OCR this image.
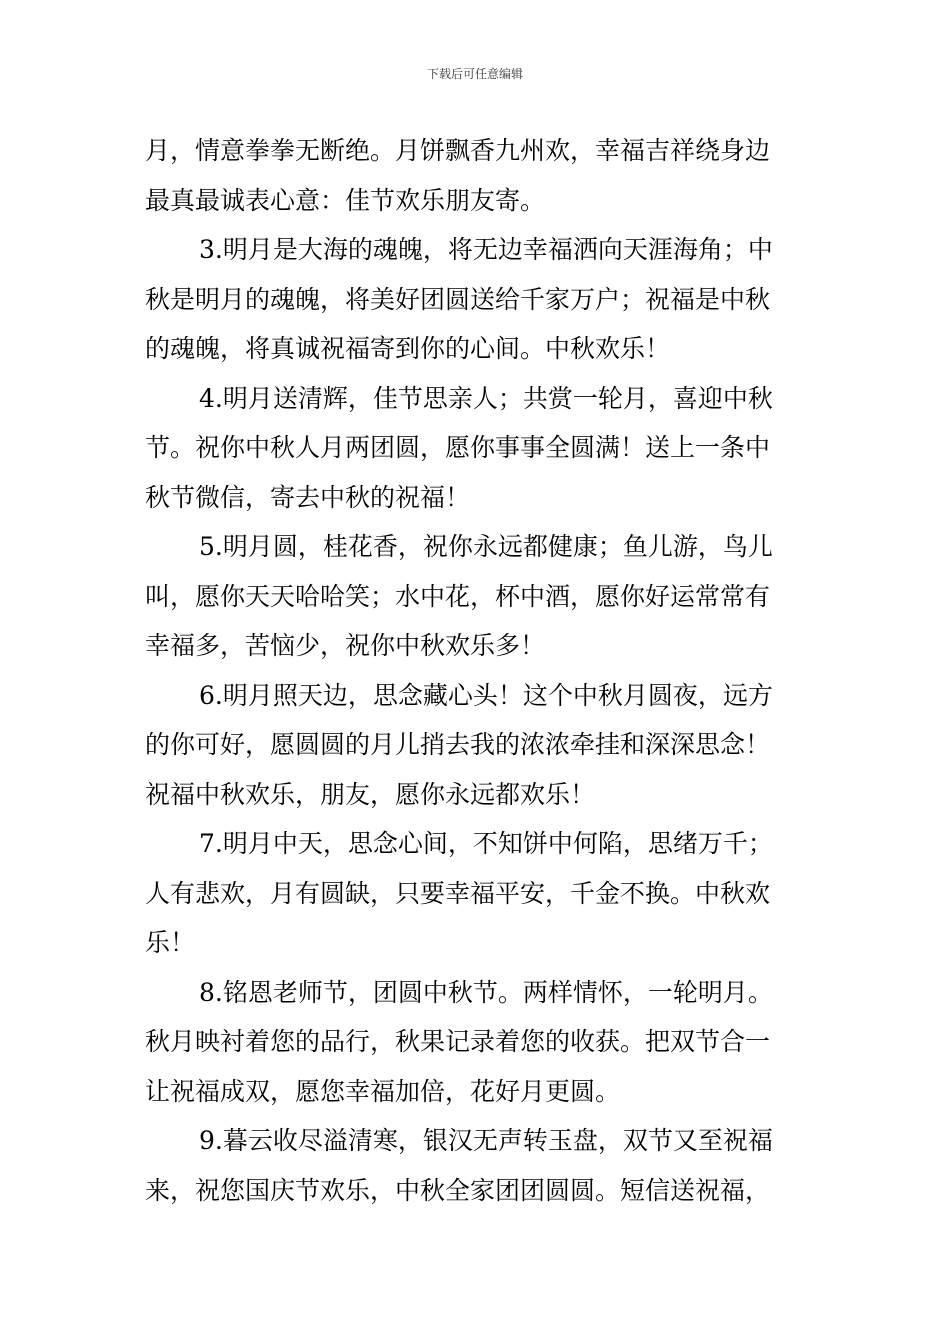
下载后可任意编辑
月，情意拳拳无断绝。月饼飘香九州欢，幸福吉祥绕身边
最真最诚表心意：佳节欢乐朋友寄。
3.明月是大海的魂魄，将无边幸福洒向天涯海角；中
秋是明月的魂魄，将美好团圆送给千家万户；祝福是中秋
的魂魄，将真诚祝福寄到你的心间。中秋欢乐！
4.明月送清辉，佳节思亲人；共赏一轮月，喜迎中秋
节。祝你中秋人月两团圆，愿你事事全圆满！送上一条中
秋节微信，寄去中秋的祝福！
5.明月圆，桂花香，祝你永远都健康；鱼儿游，鸟儿
叫，愿你天天哈哈笑；水中花，杯中酒，愿你好运常常有
幸福多，苦恼少，祝你中秋欢乐多！
6.明月照天边，思念藏心头！这个中秋月圆夜，远方
的你可好，愿圆圆的月儿捎去我的浓浓牵挂和深深思念！
祝福中秋欢乐，朋友，愿你永远都欢乐！
7.明月中天，思念心间，不知饼中何陷，思绪万千；
人有悲欢，月有圆缺，只要幸福平安，千金不换。中秋欢
乐！
8.铭恩老师节，团圆中秋节。两样情怀，一轮明月。
秋月映衬着您的品行，秋果记录着您的收获。把双节合一
让祝福成双，愿您幸福加倍，花好月更圆。
9.暮云收尽溢清寒，银汉无声转玉盘，双节又至祝福
来，祝您国庆节欢乐，中秋全家团团圆圆。短信送祝福，
